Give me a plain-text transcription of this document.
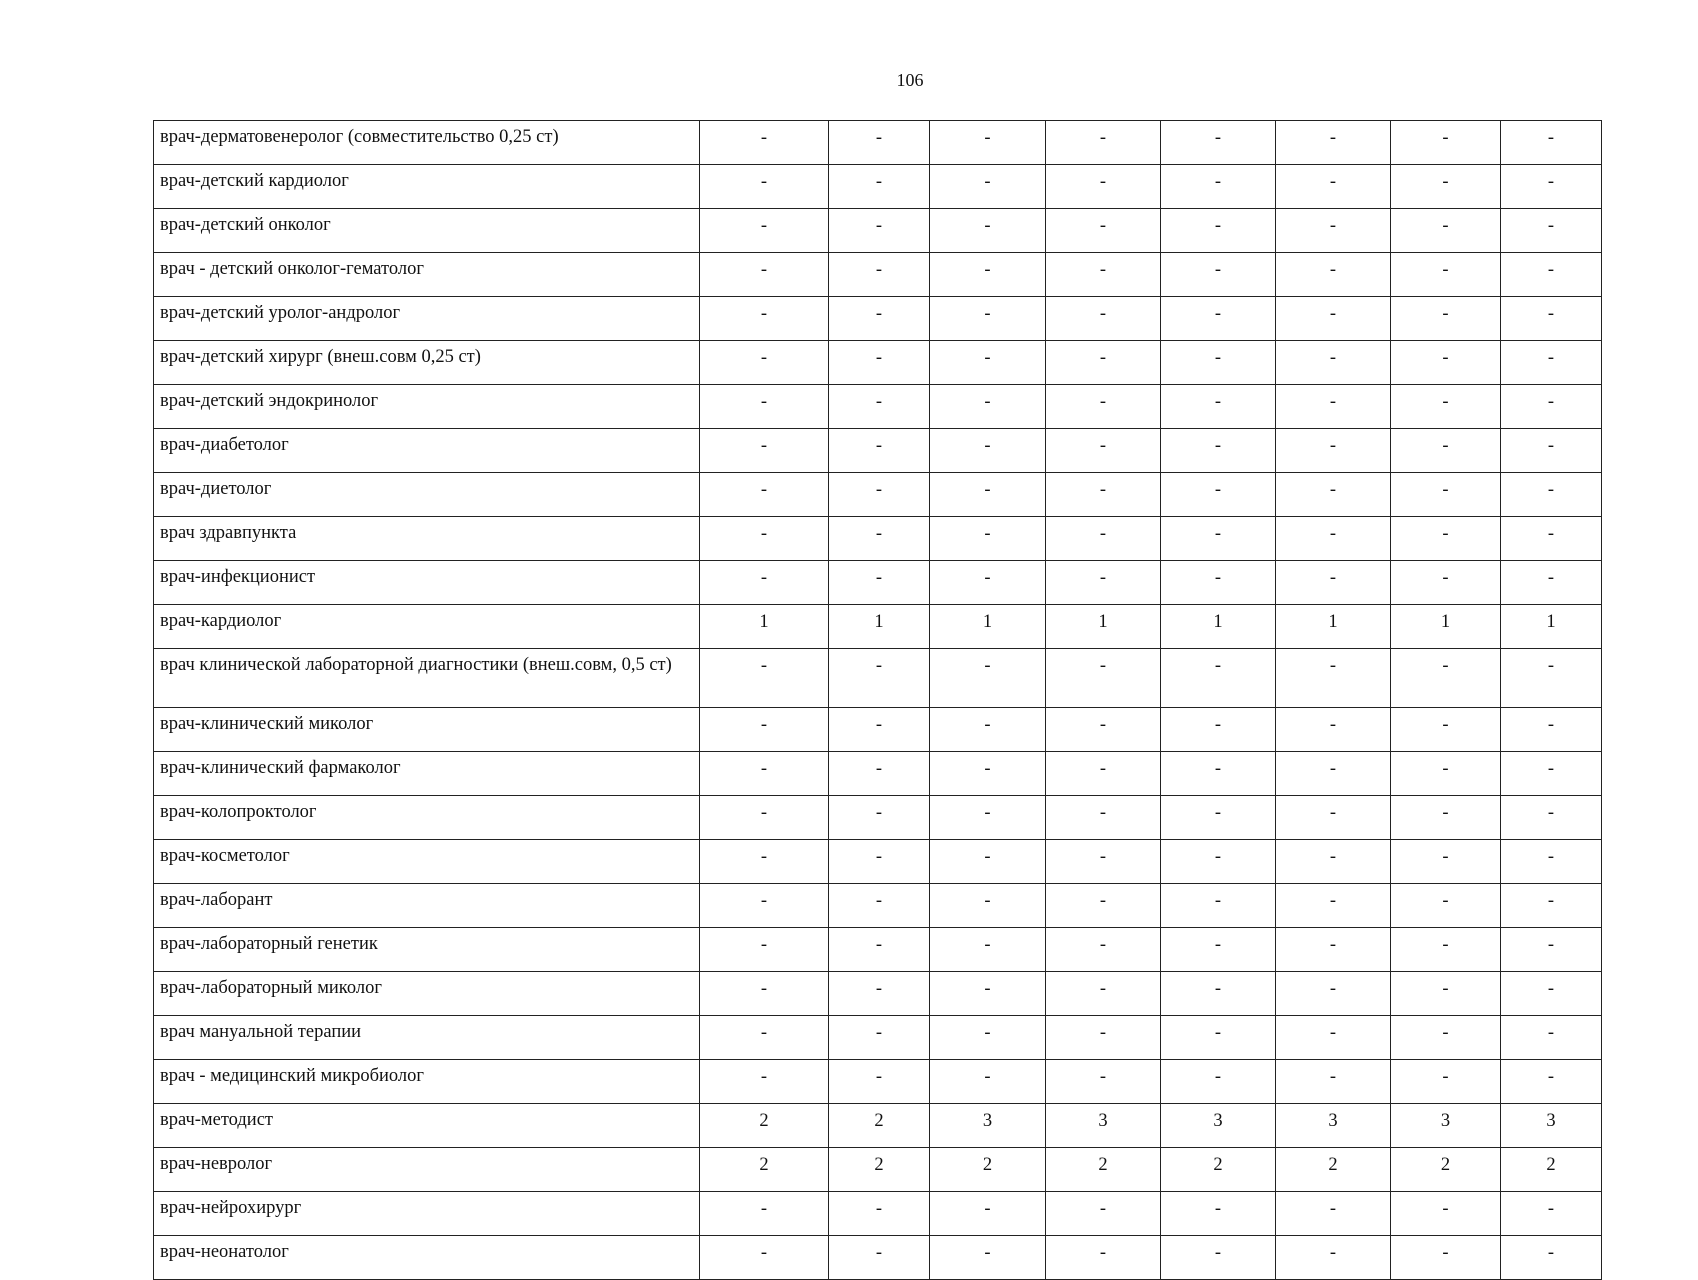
106
врач-дерматовенеролог (совместительство 0,25 ст)	-	-	-	-	-	-	-	-
врач-детский кардиолог	-	-	-	-	-	-	-	-
врач-детский онколог	-	-	-	-	-	-	-	-
врач - детский онколог-гематолог	-	-	-	-	-	-	-	-
врач-детский уролог-андролог	-	-	-	-	-	-	-	-
врач-детский хирург (внеш.совм 0,25 ст)	-	-	-	-	-	-	-	-
врач-детский эндокринолог	-	-	-	-	-	-	-	-
врач-диабетолог	-	-	-	-	-	-	-	-
врач-диетолог	-	-	-	-	-	-	-	-
врач здравпункта	-	-	-	-	-	-	-	-
врач-инфекционист	-	-	-	-	-	-	-	-
врач-кардиолог	1	1	1	1	1	1	1	1
врач клинической лабораторной диагностики (внеш.совм, 0,5 ст)	-	-	-	-	-	-	-	-
врач-клинический миколог	-	-	-	-	-	-	-	-
врач-клинический фармаколог	-	-	-	-	-	-	-	-
врач-колопроктолог	-	-	-	-	-	-	-	-
врач-косметолог	-	-	-	-	-	-	-	-
врач-лаборант	-	-	-	-	-	-	-	-
врач-лабораторный генетик	-	-	-	-	-	-	-	-
врач-лабораторный миколог	-	-	-	-	-	-	-	-
врач мануальной терапии	-	-	-	-	-	-	-	-
врач - медицинский микробиолог	-	-	-	-	-	-	-	-
врач-методист	2	2	3	3	3	3	3	3
врач-невролог	2	2	2	2	2	2	2	2
врач-нейрохирург	-	-	-	-	-	-	-	-
врач-неонатолог	-	-	-	-	-	-	-	-
